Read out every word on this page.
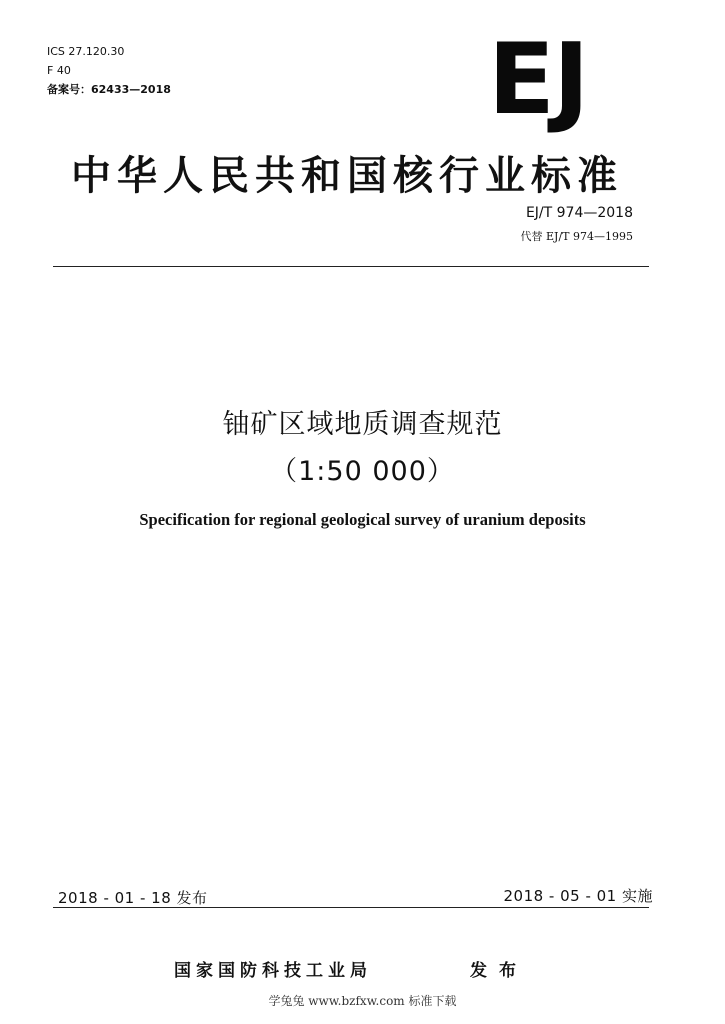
ICS 27.120.30
F 40
备案号：62433—2018	EJ
中华人民共和国核行业标准
EJ/T 974—2018
代替 EJ/T 974—1995
铀矿区域地质调查规范
（1:50 000）
Specification for regional geological survey of uranium deposits
2018 - 01 - 18 发布	2018 - 05 - 01 实施
国家国防科技工业局	发布
学兔兔 www.bzfxw.com 标准下载
